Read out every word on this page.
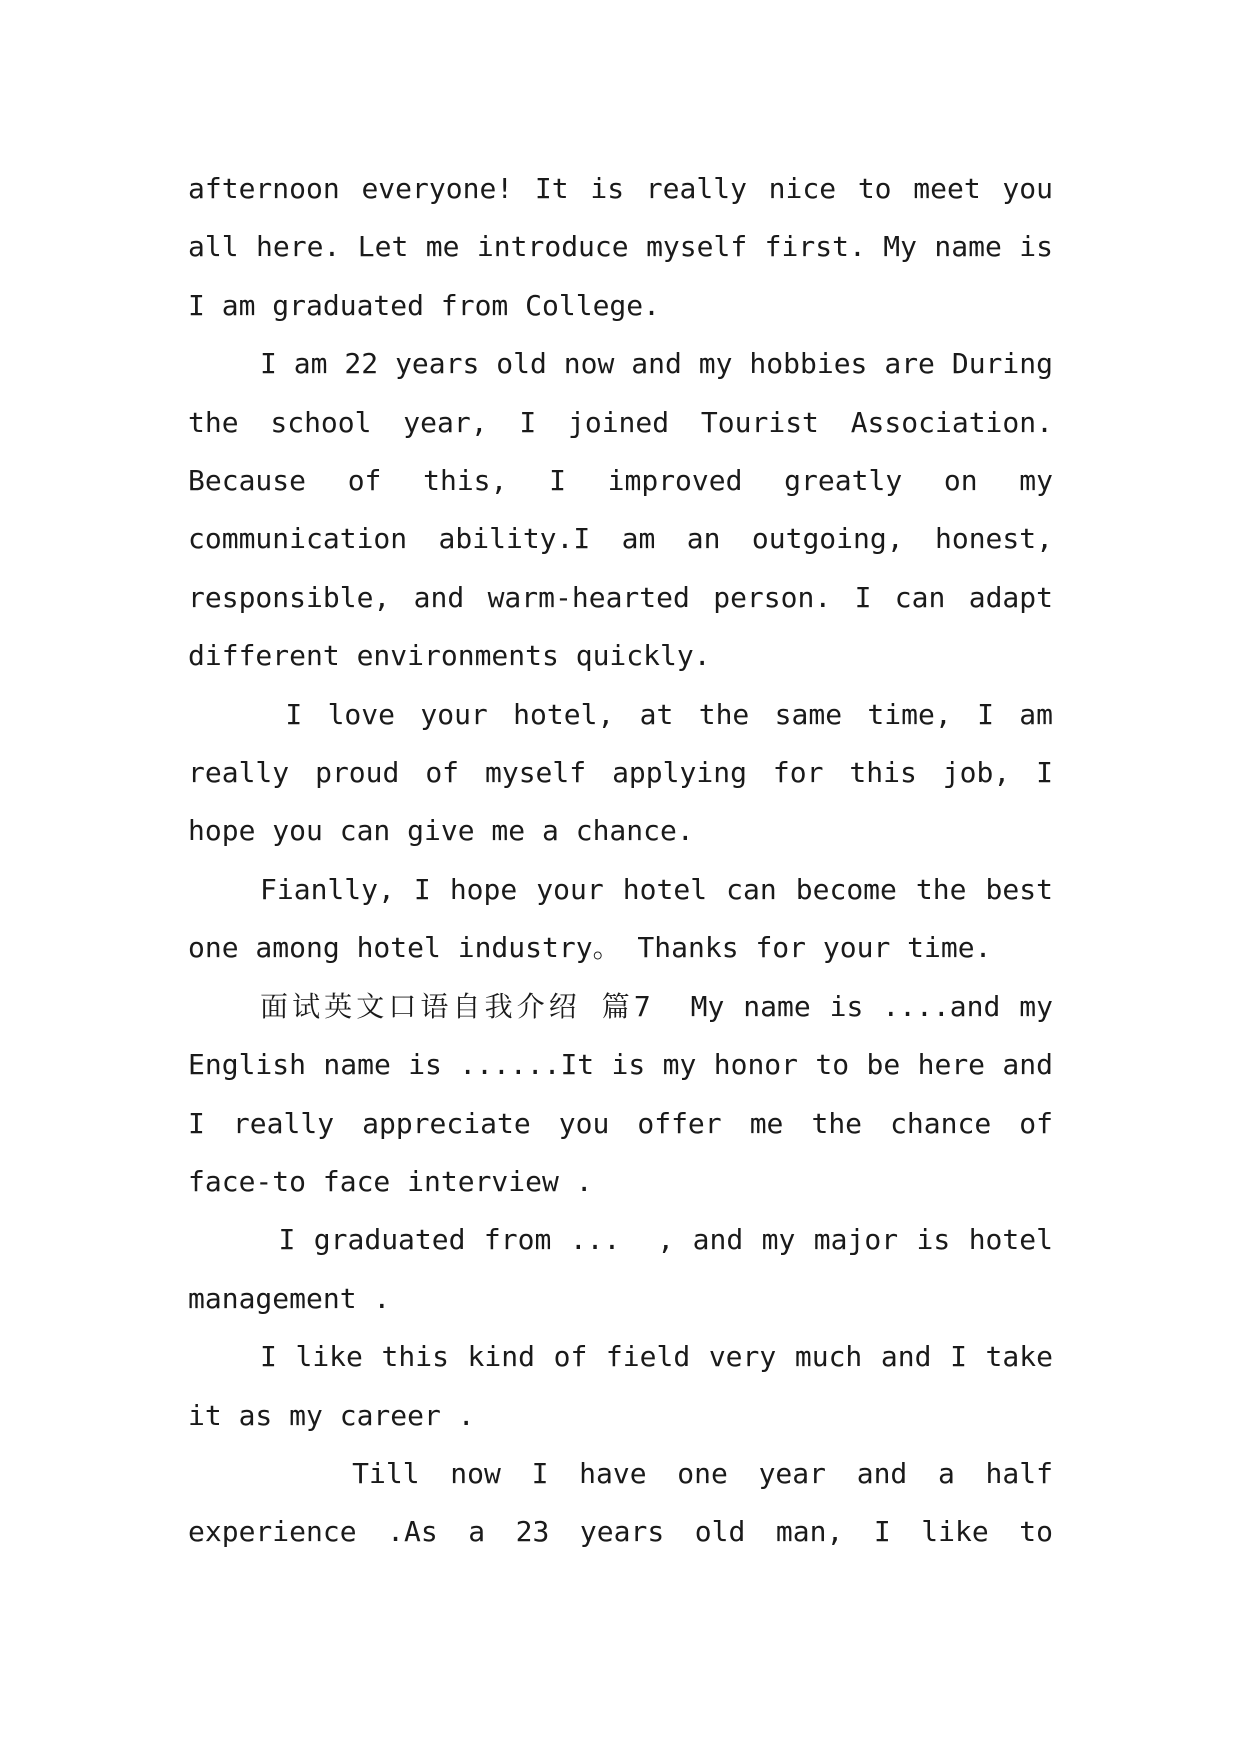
afternoon everyone! It is really nice to meet you all here. Let me introduce myself first. My name is I am graduated from College.

I am 22 years old now and my hobbies are During the school year, I joined Tourist Association. Because of this, I improved greatly on my communication ability.I am an outgoing, honest, responsible, and warm-hearted person. I can adapt different environments quickly.

I love your hotel, at the same time, I am really proud of myself applying for this job, I hope you can give me a chance.

Fianlly, I hope your hotel can become the best one among hotel industry。 Thanks for your time.

面试英文口语自我介绍 篇7  My name is ....and my English name is ......It is my honor to be here and I really appreciate you offer me the chance of face-to face interview .

I graduated from ...  , and my major is hotel management .

I like this kind of field very much and I take it as my career .

Till now I have one year and a half experience .As a 23 years old man, I like to
